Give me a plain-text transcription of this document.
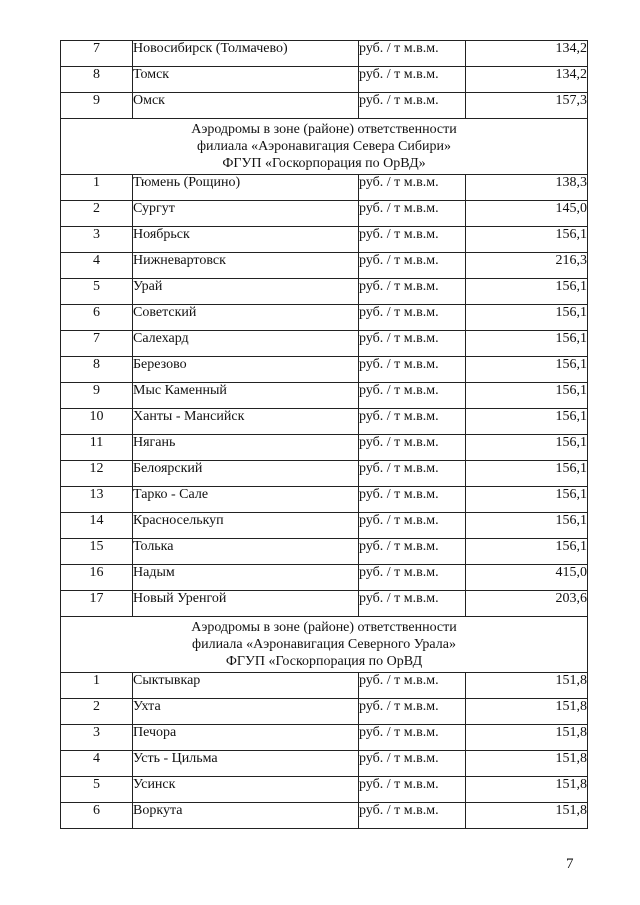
7	Новосибирск (Толмачево)	руб. / т м.в.м.	134,2
8	Томск	руб. / т м.в.м.	134,2
9	Омск	руб. / т м.в.м.	157,3

Аэродромы в зоне (районе) ответственности
филиала «Аэронавигация Севера Сибири»
ФГУП «Госкорпорация по ОрВД»			

1	Тюмень (Рощино)	руб. / т м.в.м.	138,3
2	Сургут	руб. / т м.в.м.	145,0
3	Ноябрьск	руб. / т м.в.м.	156,1
4	Нижневартовск	руб. / т м.в.м.	216,3
5	Урай	руб. / т м.в.м.	156,1
6	Советский	руб. / т м.в.м.	156,1
7	Салехард	руб. / т м.в.м.	156,1
8	Березово	руб. / т м.в.м.	156,1
9	Мыс Каменный	руб. / т м.в.м.	156,1
10	Ханты - Мансийск	руб. / т м.в.м.	156,1
11	Нягань	руб. / т м.в.м.	156,1
12	Белоярский	руб. / т м.в.м.	156,1
13	Тарко - Сале	руб. / т м.в.м.	156,1
14	Красноселькуп	руб. / т м.в.м.	156,1
15	Толька	руб. / т м.в.м.	156,1
16	Надым	руб. / т м.в.м.	415,0
17	Новый Уренгой	руб. / т м.в.м.	203,6

Аэродромы в зоне (районе) ответственности
филиала «Аэронавигация Северного Урала»
ФГУП «Госкорпорация по ОрВД			

1	Сыктывкар	руб. / т м.в.м.	151,8
2	Ухта	руб. / т м.в.м.	151,8
3	Печора	руб. / т м.в.м.	151,8
4	Усть - Цильма	руб. / т м.в.м.	151,8
5	Усинск	руб. / т м.в.м.	151,8
6	Воркута	руб. / т м.в.м.	151,8
7
